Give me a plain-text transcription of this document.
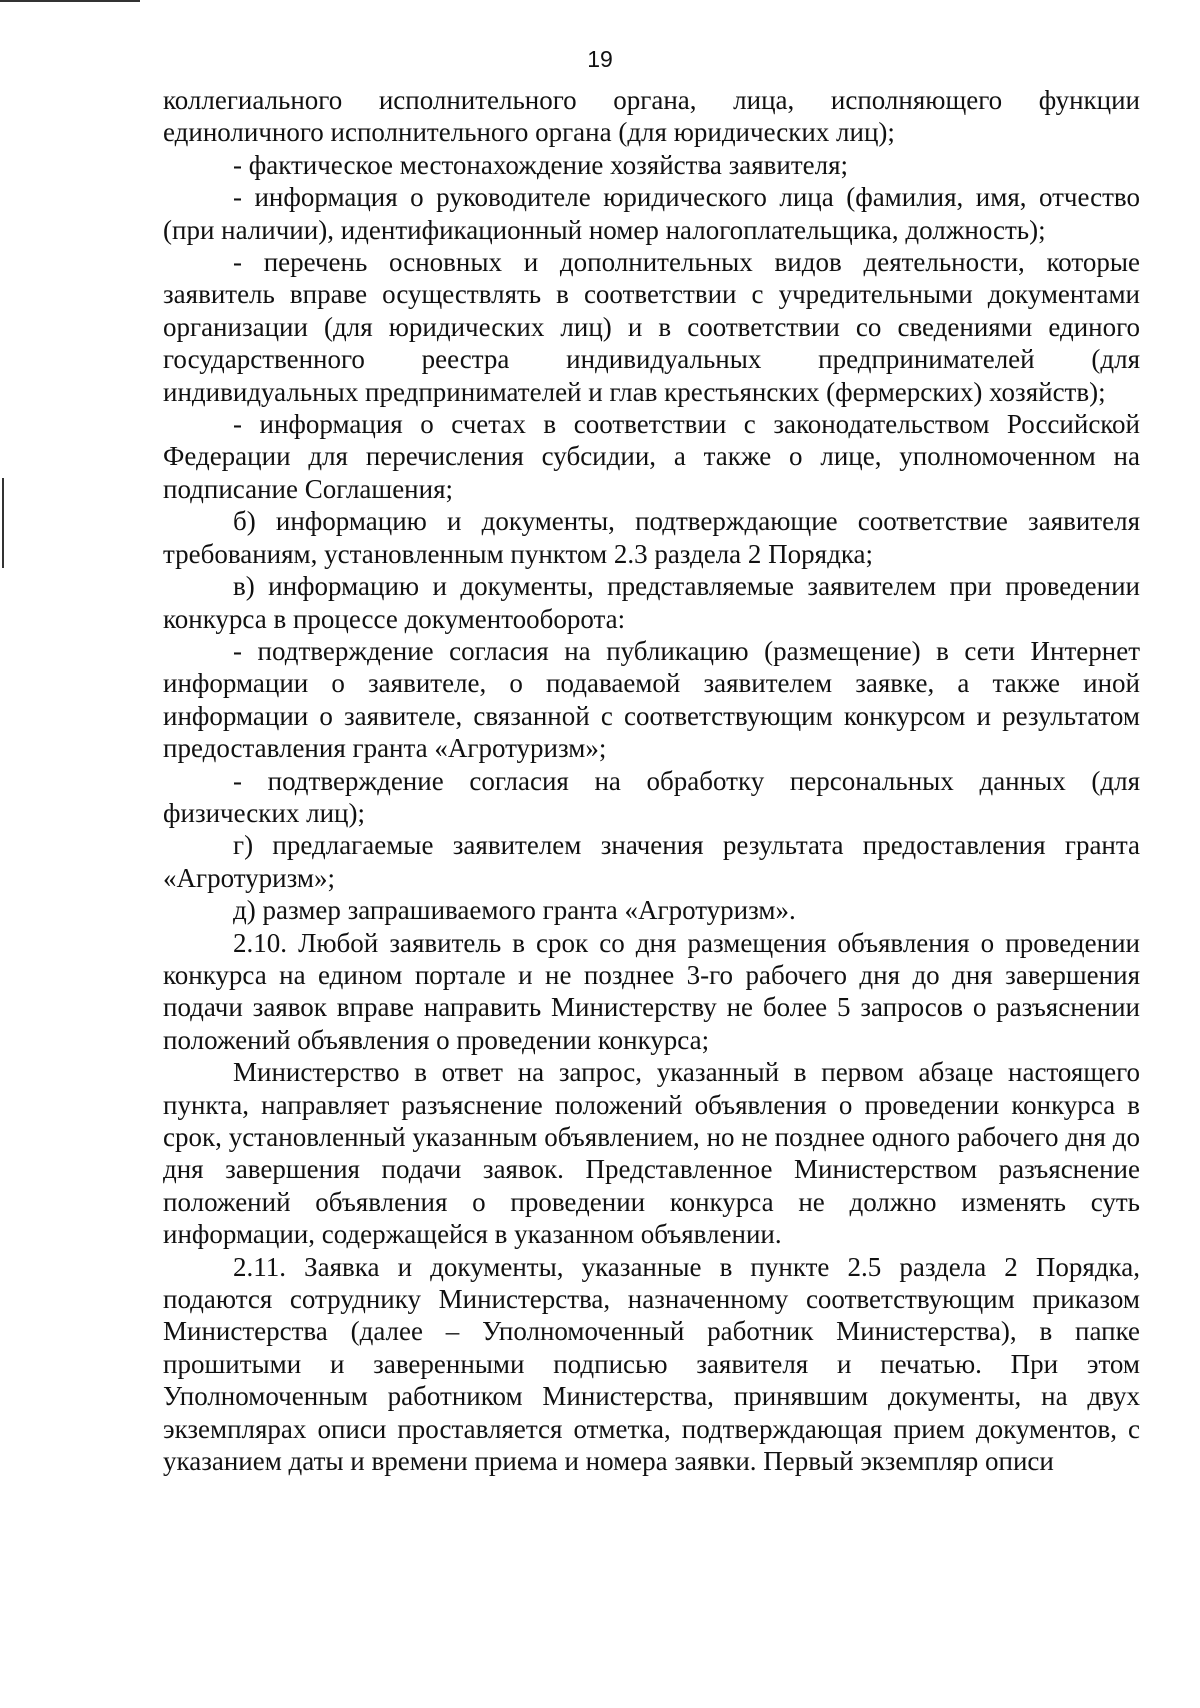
19

коллегиального исполнительного органа, лица, исполняющего функции единоличного исполнительного органа (для юридических лиц);

- фактическое местонахождение хозяйства заявителя;

- информация о руководителе юридического лица (фамилия, имя, отчество (при наличии), идентификационный номер налогоплательщика, должность);

- перечень основных и дополнительных видов деятельности, которые заявитель вправе осуществлять в соответствии с учредительными документами организации (для юридических лиц) и в соответствии со сведениями единого государственного реестра индивидуальных предпринимателей (для индивидуальных предпринимателей и глав крестьянских (фермерских) хозяйств);

- информация о счетах в соответствии с законодательством Российской Федерации для перечисления субсидии, а также о лице, уполномоченном на подписание Соглашения;

б) информацию и документы, подтверждающие соответствие заявителя требованиям, установленным пунктом 2.3 раздела 2 Порядка;

в) информацию и документы, представляемые заявителем при проведении конкурса в процессе документооборота:

- подтверждение согласия на публикацию (размещение) в сети Интернет информации о заявителе, о подаваемой заявителем заявке, а также иной информации о заявителе, связанной с соответствующим конкурсом и результатом предоставления гранта «Агротуризм»;

- подтверждение согласия на обработку персональных данных (для физических лиц);

г) предлагаемые заявителем значения результата предоставления гранта «Агротуризм»;

д) размер запрашиваемого гранта «Агротуризм».

2.10. Любой заявитель в срок со дня размещения объявления о проведении конкурса на едином портале и не позднее 3-го рабочего дня до дня завершения подачи заявок вправе направить Министерству не более 5 запросов о разъяснении положений объявления о проведении конкурса;

Министерство в ответ на запрос, указанный в первом абзаце настоящего пункта, направляет разъяснение положений объявления о проведении конкурса в срок, установленный указанным объявлением, но не позднее одного рабочего дня до дня завершения подачи заявок. Представленное Министерством разъяснение положений объявления о проведении конкурса не должно изменять суть информации, содержащейся в указанном объявлении.

2.11. Заявка и документы, указанные в пункте 2.5 раздела 2 Порядка, подаются сотруднику Министерства, назначенному соответствующим приказом Министерства (далее – Уполномоченный работник Министерства), в папке прошитыми и заверенными подписью заявителя и печатью. При этом Уполномоченным работником Министерства, принявшим документы, на двух экземплярах описи проставляется отметка, подтверждающая прием документов, с указанием даты и времени приема и номера заявки. Первый экземпляр описи
